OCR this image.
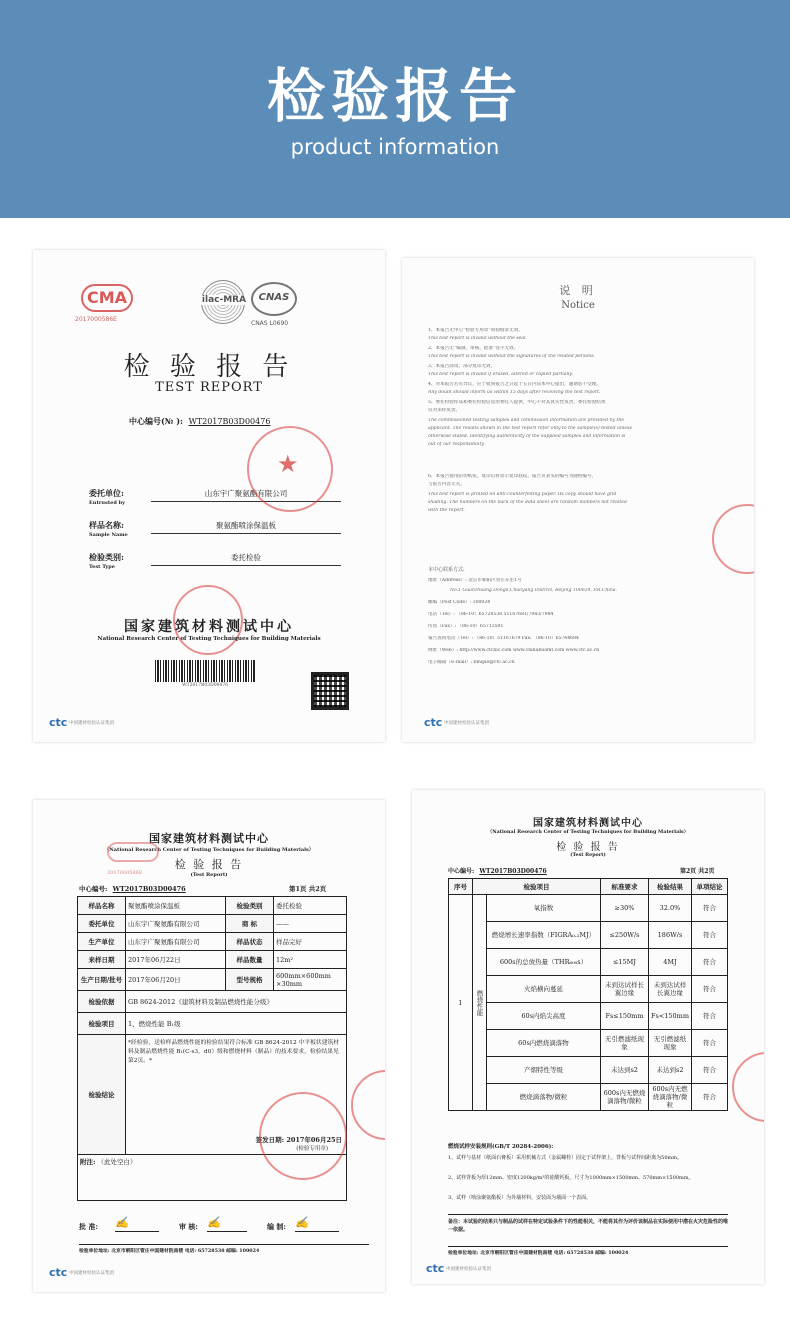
检验报告
product information
CMA
2017000586E
ilac-MRA	CNAS
CNAS L0690
检 验 报 告
TEST REPORT
中心编号(№ ): WT2017B03D00476
委托单位:
Entrusted by
山东宇广聚氨酯有限公司
样品名称:
Sample Name
聚氨酯喷涂保温板
检验类别:
Test Type
委托检验
★
国家建筑材料测试中心
National Research Center of Testing Techniques for Building Materials
WT2017B03D00476
ctc 中国建材检验认证集团
说 明
Notice
1、本报告无中心“检验专用章”和骑缝章无效。
This test report is invalid without the seal.
2、本报告无“编制、审核、批准”签字无效。
This test report is invalid without the signatures of the related persons.
3、本报告涂改、部分复印无效。
This test report is invalid if erased, altered or copied partially.
4、对本报告若有异议，应于收到报告之日起十五日内向本中心提出，逾期恕不受理。
Any doubt should inform us within 15 days after receiving the test report.
5、委托检验样品和委托检验信息由委托人提供，中心不对其真实性负责，委托检验结果
仅对来样负责。
The commissioned testing samples and commission information are provided by the
applicant. The results shown in the test report refer only to the sample(s) tested unless
otherwise stated. Identifying authenticity of the supplied samples and information is
out of our responsibility.
6、本报告使用防伪纸张，复印后将显示复印底纹，报告页表头的编号为随机编号，
与报告内容无关。
This test report is printed on anti-counterfeiting paper. Its copy should have grid
shading. The numbers on the back of the data sheet are random numbers not related
with the report.
本中心联系方式:
地址（Address）: 北京市朝阳区管庄东里1号
No.1 Guanzhuang Dongli,Chaoyang District, Beijing 100024, P.R.China.
邮编（Post Code）: 100024
电话（Tel）: （86-10）65728538 51167681/7983/7984
传真（Fax）: （86-10）65713591
報告查询电话（Tel）: （86-10）51167679 Fax: （86-10）65764684
网址（Web）: http://www.ctcnic.com www.chinabuamt.com www.ctc.ac.cn
电子邮箱（E-mail）: bmqao@ctc.ac.cn
ctc 中国建材检验认证集团
国家建筑材料测试中心
（National Research Center of Testing Techniques for Building Materials）
检 验 报 告
(Test Report)
2017000586E
中心编号: WT2017B03D00476	第1页 共2页
样品名称	聚氨酯喷涂保温板	检验类别	委托检验
委托单位	山东宇广聚氨酯有限公司	商 标	——
生产单位	山东宇广聚氨酯有限公司	样品状态	样品完好
来样日期	2017年06月22日	样品数量	12m²
生产日期/批号	2017年06月20日	型号规格	600mm×600mm ×30mm
检验依据	GB 8624-2012《建筑材料及制品燃烧性能分级》		
检验项目	1、燃烧性能 B₁级		
检验结论	*经检验，送检样品燃烧性能的检验结果符合标准 GB 8624-2012 中平板状建筑材料及制品燃烧性能 B₁(C-s3，d0）级和燃烧材料（制品）的技术要求，检验结果见第2页。*
签发日期: 2017年06月25日
(检验专用章)		

附注: （此处空白）			
批 准: ✍	审 核: ✍	编 制: ✍
检验单位地址: 北京市朝阳区管庄中国建材院南楼 电话: 65728538 邮编: 100024
ctc 中国建材检验认证集团
国家建筑材料测试中心
（National Research Center of Testing Techniques for Building Materials）
检 验 报 告
(Test Report)
中心编号: WT2017B03D00476	第2页 共2页
序号	检验项目		标准要求	检验结果	单项结论
1	燃烧性能	氧指数	≥30%	32.0%	符合
		燃烧增长速率指数（FIGRA₀.₂MJ）	≤250W/s	186W/s	符合
		600s的总放热量（THR₆₀₀s）	≤15MJ	4MJ	符合
		火焰横向蔓延	未到达试样长翼边缘	未到达试样长翼边缘	符合
		60s内焰尖高度	Fs≤150mm	Fs<150mm	符合
		60s内燃烧滴落物	无引燃滤纸现象	无引燃滤纸现象	符合
		产烟特性等级	未达到s2	未达到s2	符合
		燃烧滴落物/微粒	600s内无燃烧滴落物/微粒	600s内无燃烧滴落物/微粒	符合
燃烧试样安装规则(GB/T 20284-2006):
1、试样与基材（纸面石膏板）采用机械方式（金属螺栓）固定于试样架上，背板与试样间距离为50mm。
2、试样背板为厚12mm、密度1200kg/m³的硅酸钙板，尺寸为1000mm×1500mm、570mm×1500mm。
3、试样（喷涂聚氨酯板）为外墙材料，安装面为墙面一个表面。
备注：本试验的结果只与制品的试样在特定试验条件下的性能相关，不能将其作为评价该制品在实际使用中潜在火灾危险性的唯一依据。
检验单位地址: 北京市朝阳区管庄中国建材院南楼 电话: 65728538 邮编: 100024
ctc 中国建材检验认证集团
